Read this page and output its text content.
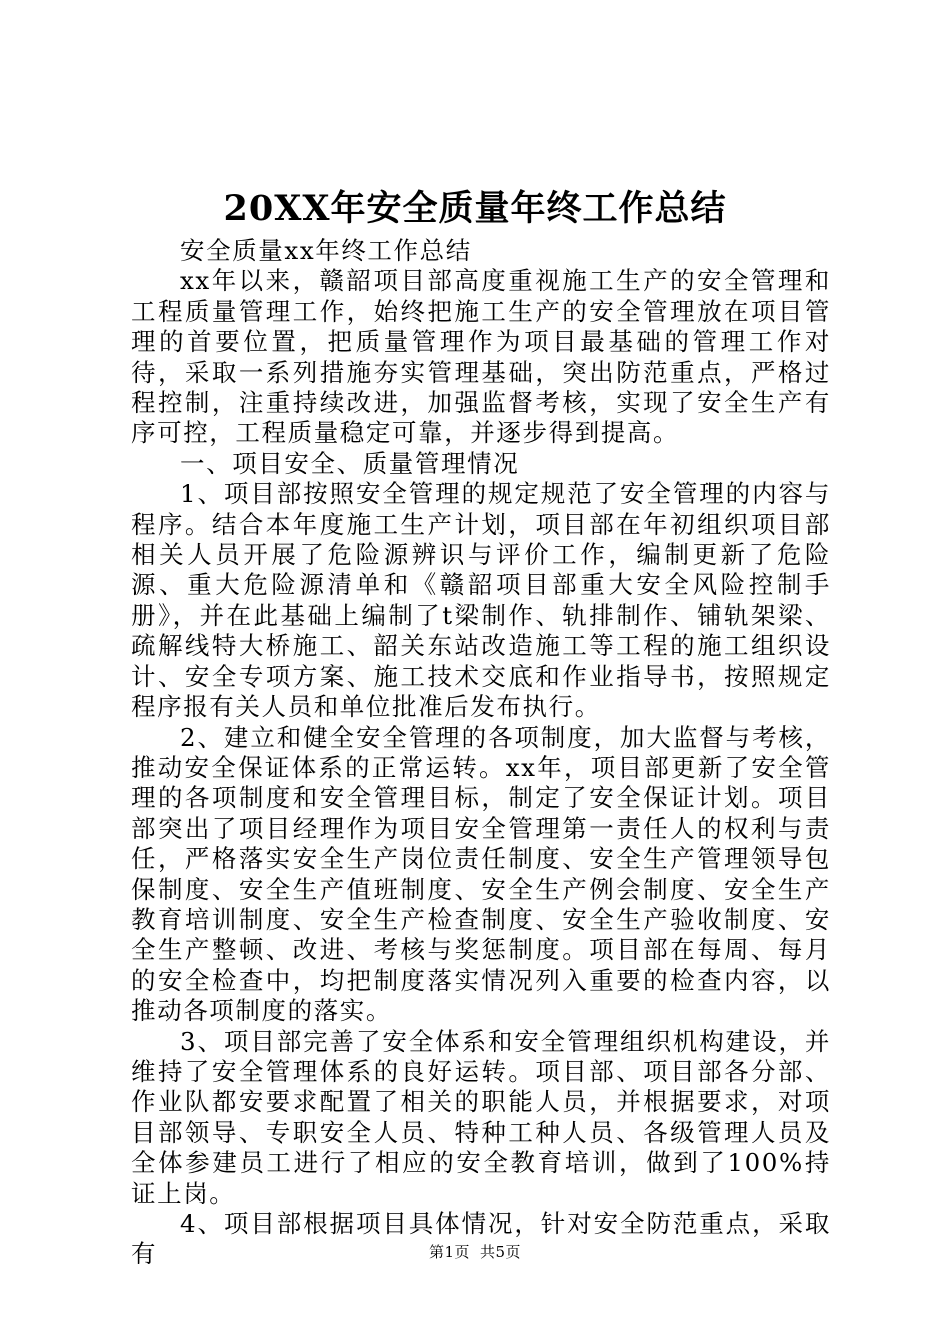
20XX年安全质量年终工作总结

安全质量xx年终工作总结

xx年以来，赣韶项目部高度重视施工生产的安全管理和工程质量管理工作，始终把施工生产的安全管理放在项目管理的首要位置，把质量管理作为项目最基础的管理工作对待，采取一系列措施夯实管理基础，突出防范重点，严格过程控制，注重持续改进，加强监督考核，实现了安全生产有序可控，工程质量稳定可靠，并逐步得到提高。

一、项目安全、质量管理情况

1、项目部按照安全管理的规定规范了安全管理的内容与程序。结合本年度施工生产计划，项目部在年初组织项目部相关人员开展了危险源辨识与评价工作，编制更新了危险源、重大危险源清单和《赣韶项目部重大安全风险控制手册》，并在此基础上编制了t梁制作、轨排制作、铺轨架梁、疏解线特大桥施工、韶关东站改造施工等工程的施工组织设计、安全专项方案、施工技术交底和作业指导书，按照规定程序报有关人员和单位批准后发布执行。

2、建立和健全安全管理的各项制度，加大监督与考核，推动安全保证体系的正常运转。xx年，项目部更新了安全管理的各项制度和安全管理目标，制定了安全保证计划。项目部突出了项目经理作为项目安全管理第一责任人的权利与责任，严格落实安全生产岗位责任制度、安全生产管理领导包保制度、安全生产值班制度、安全生产例会制度、安全生产教育培训制度、安全生产检查制度、安全生产验收制度、安全生产整顿、改进、考核与奖惩制度。项目部在每周、每月的安全检查中，均把制度落实情况列入重要的检查内容，以推动各项制度的落实。

3、项目部完善了安全体系和安全管理组织机构建设，并维持了安全管理体系的良好运转。项目部、项目部各分部、作业队都安要求配置了相关的职能人员，并根据要求，对项目部领导、专职安全人员、特种工种人员、各级管理人员及全体参建员工进行了相应的安全教育培训，做到了100%持证上岗。

4、项目部根据项目具体情况，针对安全防范重点，采取有	第1页 共5页
